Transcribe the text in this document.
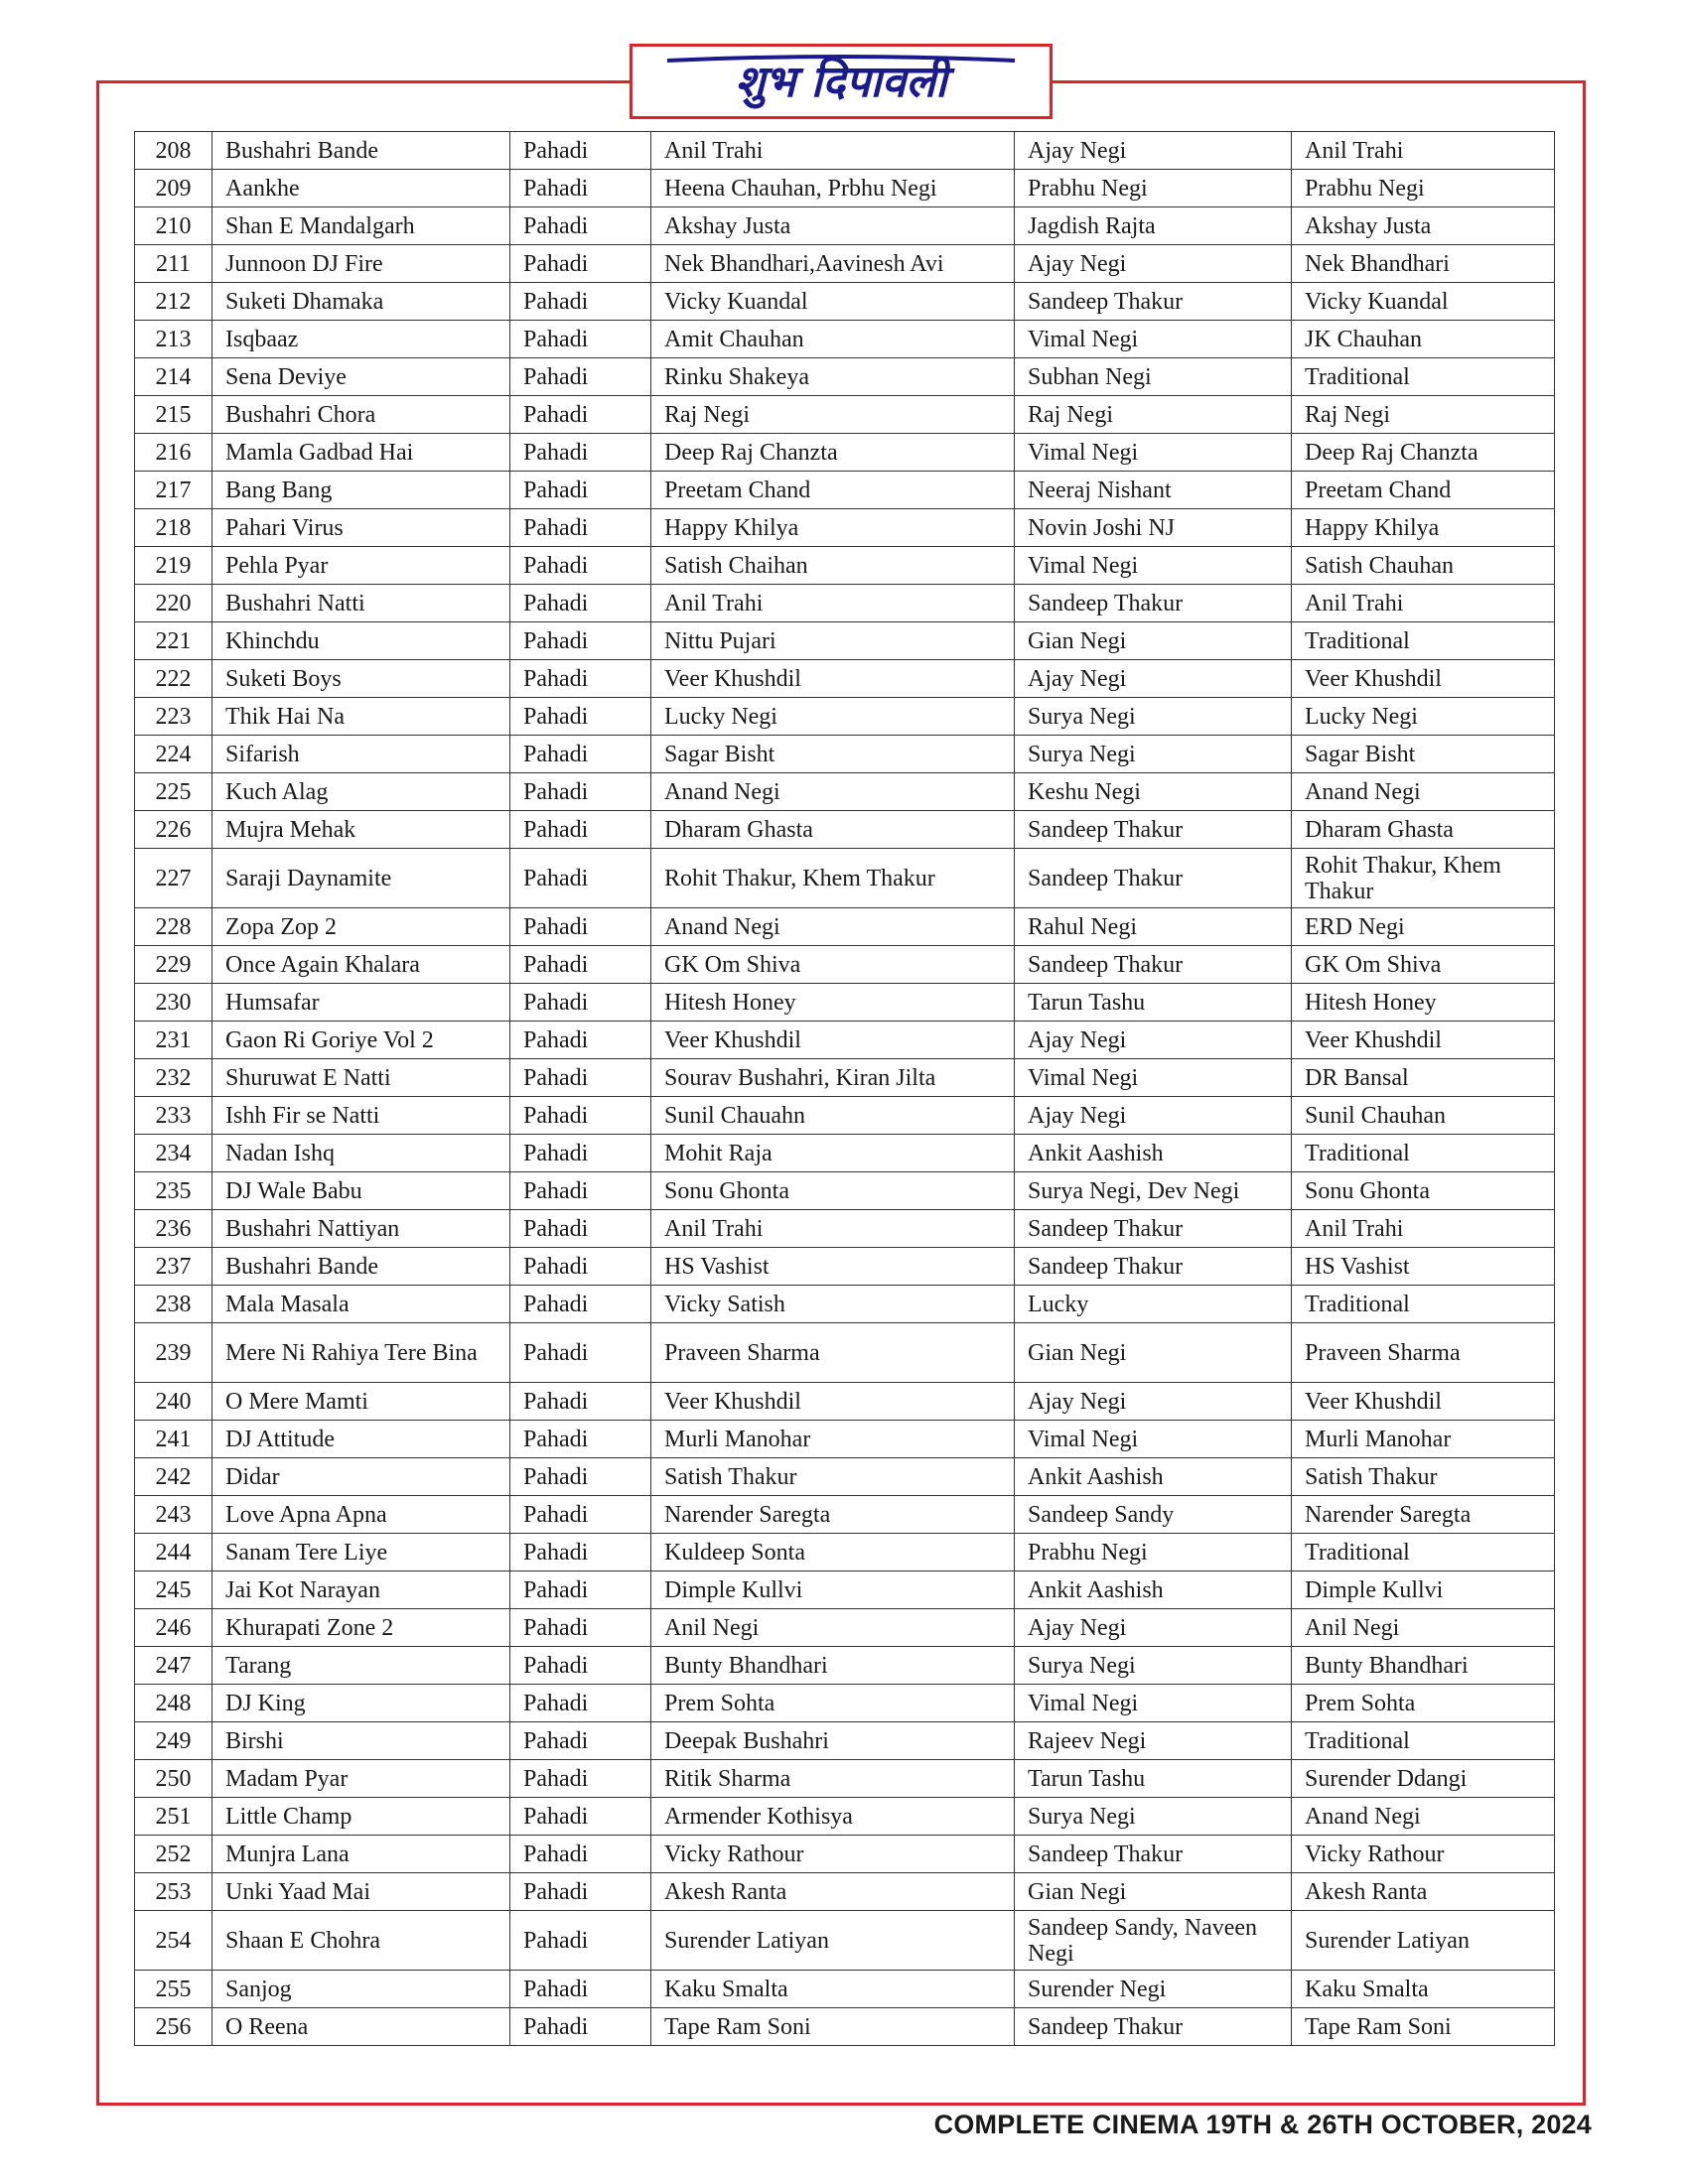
शुभ दिपावली
208	Bushahri Bande	Pahadi	Anil Trahi	Ajay Negi	Anil Trahi
209	Aankhe	Pahadi	Heena Chauhan, Prbhu Negi	Prabhu Negi	Prabhu Negi
210	Shan E Mandalgarh	Pahadi	Akshay Justa	Jagdish Rajta	Akshay Justa
211	Junnoon DJ Fire	Pahadi	Nek Bhandhari,Aavinesh Avi	Ajay Negi	Nek Bhandhari
212	Suketi Dhamaka	Pahadi	Vicky Kuandal	Sandeep Thakur	Vicky Kuandal
213	Isqbaaz	Pahadi	Amit Chauhan	Vimal Negi	JK Chauhan
214	Sena Deviye	Pahadi	Rinku Shakeya	Subhan Negi	Traditional
215	Bushahri Chora	Pahadi	Raj Negi	Raj Negi	Raj Negi
216	Mamla Gadbad Hai	Pahadi	Deep Raj Chanzta	Vimal Negi	Deep Raj Chanzta
217	Bang Bang	Pahadi	Preetam Chand	Neeraj Nishant	Preetam Chand
218	Pahari Virus	Pahadi	Happy Khilya	Novin Joshi NJ	Happy Khilya
219	Pehla Pyar	Pahadi	Satish Chaihan	Vimal Negi	Satish Chauhan
220	Bushahri Natti	Pahadi	Anil Trahi	Sandeep Thakur	Anil Trahi
221	Khinchdu	Pahadi	Nittu Pujari	Gian Negi	Traditional
222	Suketi Boys	Pahadi	Veer Khushdil	Ajay Negi	Veer Khushdil
223	Thik Hai Na	Pahadi	Lucky Negi	Surya Negi	Lucky Negi
224	Sifarish	Pahadi	Sagar Bisht	Surya Negi	Sagar Bisht
225	Kuch Alag	Pahadi	Anand Negi	Keshu Negi	Anand Negi
226	Mujra Mehak	Pahadi	Dharam Ghasta	Sandeep Thakur	Dharam Ghasta
227	Saraji Daynamite	Pahadi	Rohit Thakur, Khem Thakur	Sandeep Thakur	Rohit Thakur, Khem Thakur
228	Zopa Zop 2	Pahadi	Anand Negi	Rahul Negi	ERD Negi
229	Once Again Khalara	Pahadi	GK Om Shiva	Sandeep Thakur	GK Om Shiva
230	Humsafar	Pahadi	Hitesh Honey	Tarun Tashu	Hitesh Honey
231	Gaon Ri Goriye Vol 2	Pahadi	Veer Khushdil	Ajay Negi	Veer Khushdil
232	Shuruwat E Natti	Pahadi	Sourav Bushahri, Kiran Jilta	Vimal Negi	DR Bansal
233	Ishh Fir se Natti	Pahadi	Sunil Chauahn	Ajay Negi	Sunil Chauhan
234	Nadan Ishq	Pahadi	Mohit Raja	Ankit Aashish	Traditional
235	DJ Wale Babu	Pahadi	Sonu Ghonta	Surya Negi, Dev Negi	Sonu Ghonta
236	Bushahri Nattiyan	Pahadi	Anil Trahi	Sandeep Thakur	Anil Trahi
237	Bushahri Bande	Pahadi	HS Vashist	Sandeep Thakur	HS Vashist
238	Mala Masala	Pahadi	Vicky Satish	Lucky	Traditional
239	Mere Ni Rahiya Tere Bina	Pahadi	Praveen Sharma	Gian Negi	Praveen Sharma
240	O Mere Mamti	Pahadi	Veer Khushdil	Ajay Negi	Veer Khushdil
241	DJ Attitude	Pahadi	Murli Manohar	Vimal Negi	Murli Manohar
242	Didar	Pahadi	Satish Thakur	Ankit Aashish	Satish Thakur
243	Love Apna Apna	Pahadi	Narender Saregta	Sandeep Sandy	Narender Saregta
244	Sanam Tere Liye	Pahadi	Kuldeep Sonta	Prabhu Negi	Traditional
245	Jai Kot Narayan	Pahadi	Dimple Kullvi	Ankit Aashish	Dimple Kullvi
246	Khurapati Zone 2	Pahadi	Anil Negi	Ajay Negi	Anil Negi
247	Tarang	Pahadi	Bunty Bhandhari	Surya Negi	Bunty Bhandhari
248	DJ King	Pahadi	Prem Sohta	Vimal Negi	Prem Sohta
249	Birshi	Pahadi	Deepak Bushahri	Rajeev Negi	Traditional
250	Madam Pyar	Pahadi	Ritik Sharma	Tarun Tashu	Surender Ddangi
251	Little Champ	Pahadi	Armender Kothisya	Surya Negi	Anand Negi
252	Munjra Lana	Pahadi	Vicky Rathour	Sandeep Thakur	Vicky Rathour
253	Unki Yaad Mai	Pahadi	Akesh Ranta	Gian Negi	Akesh Ranta
254	Shaan E Chohra	Pahadi	Surender Latiyan	Sandeep Sandy, Naveen Negi	Surender Latiyan
255	Sanjog	Pahadi	Kaku Smalta	Surender Negi	Kaku Smalta
256	O Reena	Pahadi	Tape Ram Soni	Sandeep Thakur	Tape Ram Soni
COMPLETE CINEMA 19TH & 26TH OCTOBER, 2024
